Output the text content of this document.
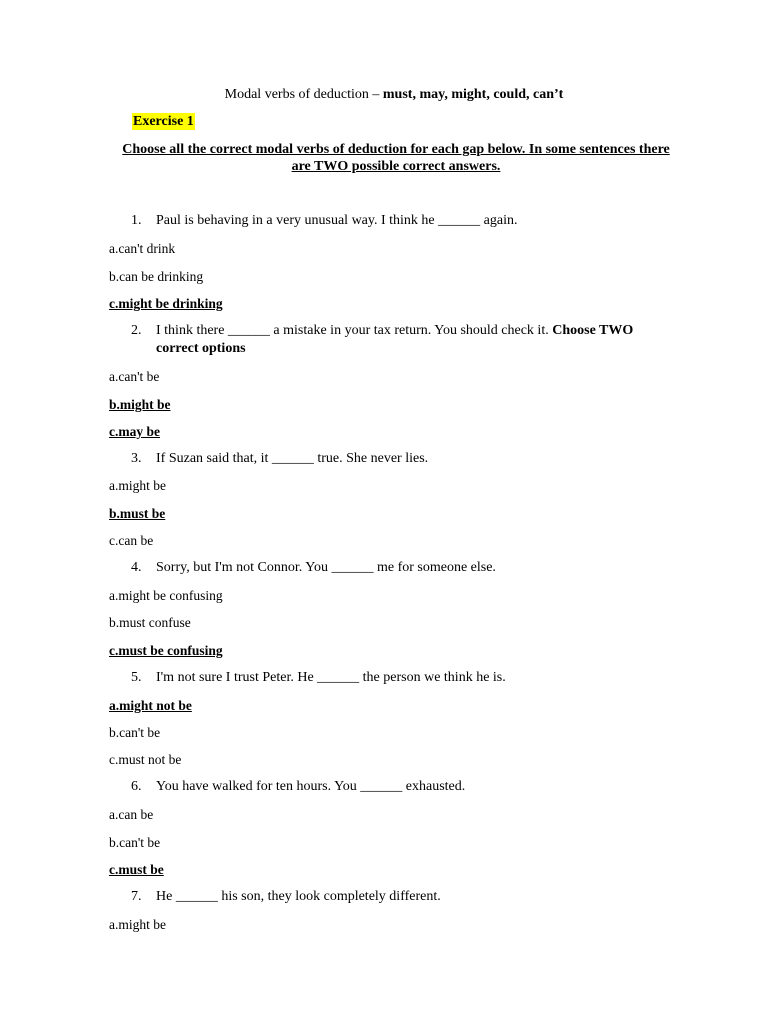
Modal verbs of deduction – must, may, might, could, can’t
Exercise 1
Choose all the correct modal verbs of deduction for each gap below. In some sentences there are TWO possible correct answers.
1. Paul is behaving in a very unusual way. I think he ______ again.
a.can't drink
b.can be drinking
c.might be drinking
2. I think there ______ a mistake in your tax return. You should check it. Choose TWO correct options
a.can't be
b.might be
c.may be
3. If Suzan said that, it ______ true. She never lies.
a.might be
b.must be
c.can be
4. Sorry, but I'm not Connor. You ______ me for someone else.
a.might be confusing
b.must confuse
c.must be confusing
5. I'm not sure I trust Peter. He ______ the person we think he is.
a.might not be
b.can't be
c.must not be
6. You have walked for ten hours. You ______ exhausted.
a.can be
b.can't be
c.must be
7. He ______ his son, they look completely different.
a.might be
